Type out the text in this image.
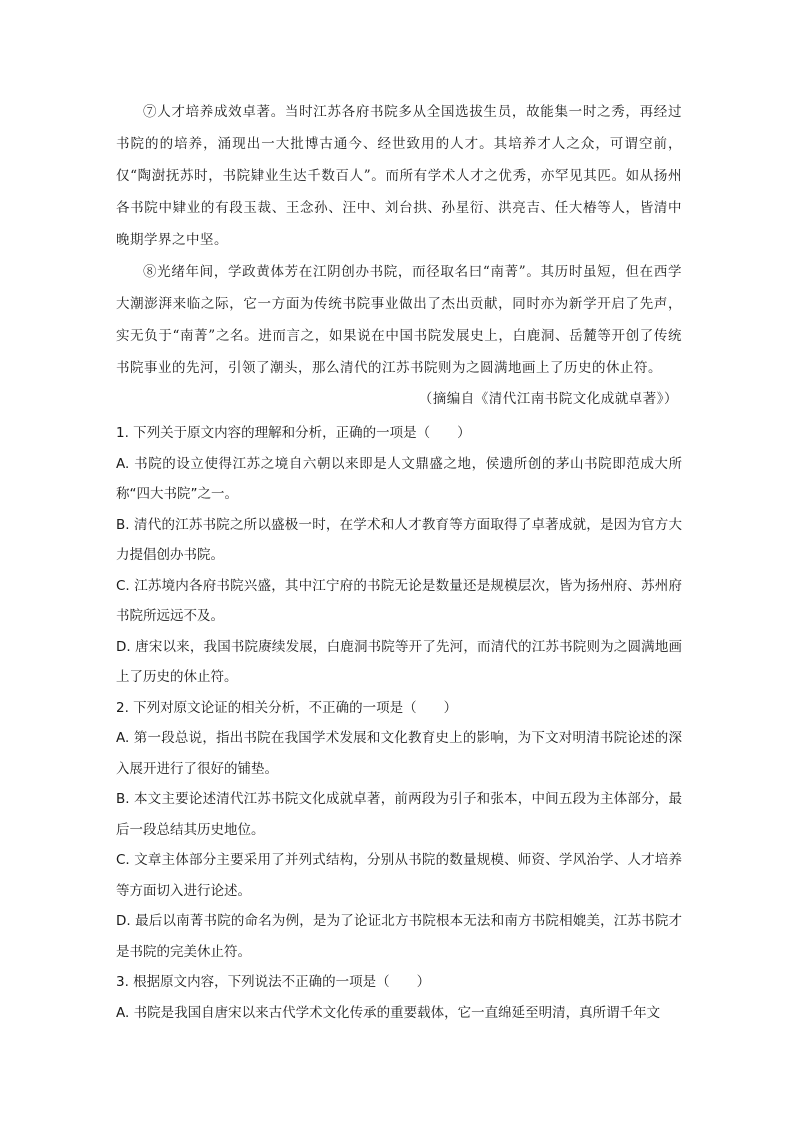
⑦人才培养成效卓著。当时江苏各府书院多从全国选拔生员，故能集一时之秀，再经过书院的的培养，涌现出一大批博古通今、经世致用的人才。其培养才人之众，可谓空前，仅“陶澍抚苏时，书院肄业生达千数百人”。而所有学术人才之优秀，亦罕见其匹。如从扬州各书院中肄业的有段玉裁、王念孙、汪中、刘台拱、孙星衍、洪亮吉、任大椿等人，皆清中晚期学界之中坚。

⑧光绪年间，学政黄体芳在江阴创办书院，而径取名曰“南菁”。其历时虽短，但在西学大潮澎湃来临之际，它一方面为传统书院事业做出了杰出贡献，同时亦为新学开启了先声，实无负于“南菁”之名。进而言之，如果说在中国书院发展史上，白鹿洞、岳麓等开创了传统书院事业的先河，引领了潮头，那么清代的江苏书院则为之圆满地画上了历史的休止符。

（摘编自《清代江南书院文化成就卓著》）

1. 下列关于原文内容的理解和分析，正确的一项是（　　）

A. 书院的设立使得江苏之境自六朝以来即是人文鼎盛之地，侯遗所创的茅山书院即范成大所称“四大书院”之一。

B. 清代的江苏书院之所以盛极一时，在学术和人才教育等方面取得了卓著成就，是因为官方大力提倡创办书院。

C. 江苏境内各府书院兴盛，其中江宁府的书院无论是数量还是规模层次，皆为扬州府、苏州府书院所远远不及。

D. 唐宋以来，我国书院赓续发展，白鹿洞书院等开了先河，而清代的江苏书院则为之圆满地画上了历史的休止符。

2. 下列对原文论证的相关分析，不正确的一项是（　　）

A. 第一段总说，指出书院在我国学术发展和文化教育史上的影响，为下文对明清书院论述的深入展开进行了很好的铺垫。

B. 本文主要论述清代江苏书院文化成就卓著，前两段为引子和张本，中间五段为主体部分，最后一段总结其历史地位。

C. 文章主体部分主要采用了并列式结构，分别从书院的数量规模、师资、学风治学、人才培养等方面切入进行论述。

D. 最后以南菁书院的命名为例，是为了论证北方书院根本无法和南方书院相媲美，江苏书院才是书院的完美休止符。

3. 根据原文内容，下列说法不正确的一项是（　　）

A. 书院是我国自唐宋以来古代学术文化传承的重要载体，它一直绵延至明清，真所谓千年文
